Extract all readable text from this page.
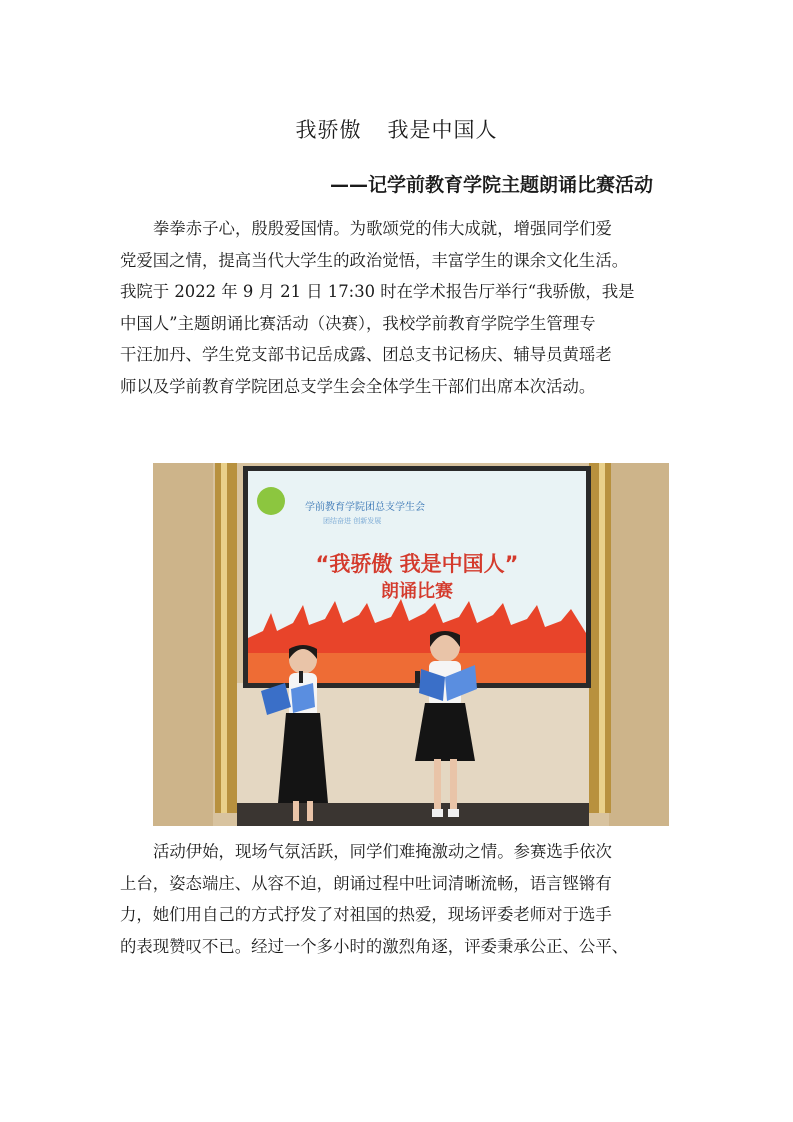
我骄傲 我是中国人
——记学前教育学院主题朗诵比赛活动
拳拳赤子心，殷殷爱国情。为歌颂党的伟大成就，增强同学们爱
党爱国之情，提高当代大学生的政治觉悟，丰富学生的课余文化生活。
我院于 2022 年 9 月 21 日 17:30 时在学术报告厅举行“我骄傲，我是
中国人”主题朗诵比赛活动（决赛），我校学前教育学院学生管理专
干汪加丹、学生党支部书记岳成露、团总支书记杨庆、辅导员黄瑶老
师以及学前教育学院团总支学生会全体学生干部们出席本次活动。
学前教育学院团总支学生会
团结奋进 创新发展
“我骄傲 我是中国人”
朗诵比赛
活动伊始，现场气氛活跃，同学们难掩激动之情。参赛选手依次
上台，姿态端庄、从容不迫，朗诵过程中吐词清晰流畅，语言铿锵有
力，她们用自己的方式抒发了对祖国的热爱，现场评委老师对于选手
的表现赞叹不已。经过一个多小时的激烈角逐，评委秉承公正、公平、
